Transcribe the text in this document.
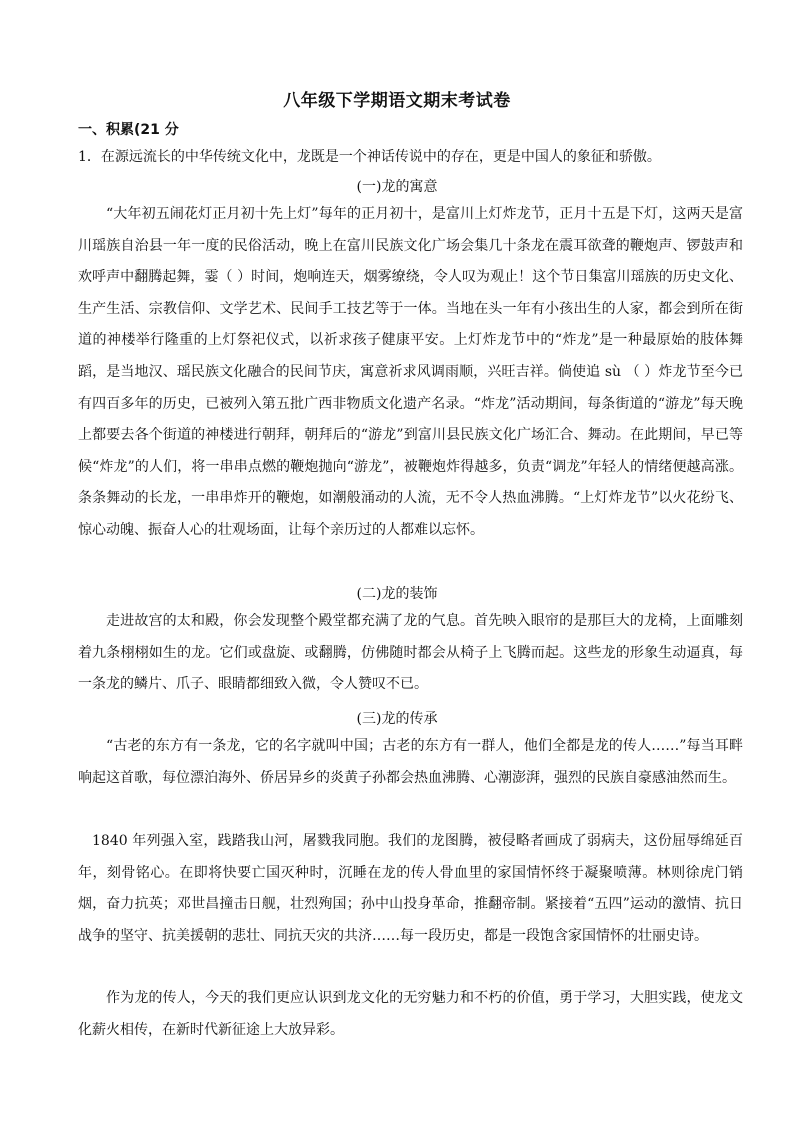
八年级下学期语文期末考试卷
一、积累(21 分
1．在源远流长的中华传统文化中，龙既是一个神话传说中的存在，更是中国人的象征和骄傲。
(一)龙的寓意
“大年初五闹花灯正月初十先上灯”每年的正月初十，是富川上灯炸龙节，正月十五是下灯，这两天是富川瑶族自治县一年一度的民俗活动，晚上在富川民族文化广场会集几十条龙在震耳欲聋的鞭炮声、锣鼓声和欢呼声中翻腾起舞，霎（ ）时间，炮响连天，烟雾缭绕，令人叹为观止！这个节日集富川瑶族的历史文化、生产生活、宗教信仰、文学艺术、民间手工技艺等于一体。当地在头一年有小孩出生的人家，都会到所在街道的神楼举行隆重的上灯祭祀仪式，以祈求孩子健康平安。上灯炸龙节中的“炸龙”是一种最原始的肢体舞蹈，是当地汉、瑶民族文化融合的民间节庆，寓意祈求风调雨顺，兴旺吉祥。倘使追 sù （ ）炸龙节至今已有四百多年的历史，已被列入第五批广西非物质文化遗产名录。“炸龙”活动期间，每条街道的“游龙”每天晚上都要去各个街道的神楼进行朝拜，朝拜后的“游龙”到富川县民族文化广场汇合、舞动。在此期间，早已等候“炸龙”的人们，将一串串点燃的鞭炮抛向“游龙”，被鞭炮炸得越多，负责“调龙”年轻人的情绪便越高涨。条条舞动的长龙，一串串炸开的鞭炮，如潮般涌动的人流，无不令人热血沸腾。“上灯炸龙节”以火花纷飞、惊心动魄、振奋人心的壮观场面，让每个亲历过的人都难以忘怀。
(二)龙的装饰
走进故宫的太和殿，你会发现整个殿堂都充满了龙的气息。首先映入眼帘的是那巨大的龙椅，上面雕刻着九条栩栩如生的龙。它们或盘旋、或翻腾，仿佛随时都会从椅子上飞腾而起。这些龙的形象生动逼真，每一条龙的鳞片、爪子、眼睛都细致入微，令人赞叹不已。
(三)龙的传承
“古老的东方有一条龙，它的名字就叫中国；古老的东方有一群人，他们全都是龙的传人……”每当耳畔响起这首歌，每位漂泊海外、侨居异乡的炎黄子孙都会热血沸腾、心潮澎湃，强烈的民族自豪感油然而生。
1840 年列强入室，践踏我山河，屠戮我同胞。我们的龙图腾，被侵略者画成了弱病夫，这份屈辱绵延百年，刻骨铭心。在即将快要亡国灭种时，沉睡在龙的传人骨血里的家国情怀终于凝聚喷薄。林则徐虎门销烟，奋力抗英；邓世昌撞击日舰，壮烈殉国；孙中山投身革命，推翻帝制。紧接着“五四”运动的激情、抗日战争的坚守、抗美援朝的悲壮、同抗天灾的共济……每一段历史，都是一段饱含家国情怀的壮丽史诗。
作为龙的传人，今天的我们更应认识到龙文化的无穷魅力和不朽的价值，勇于学习，大胆实践，使龙文化薪火相传，在新时代新征途上大放异彩。
